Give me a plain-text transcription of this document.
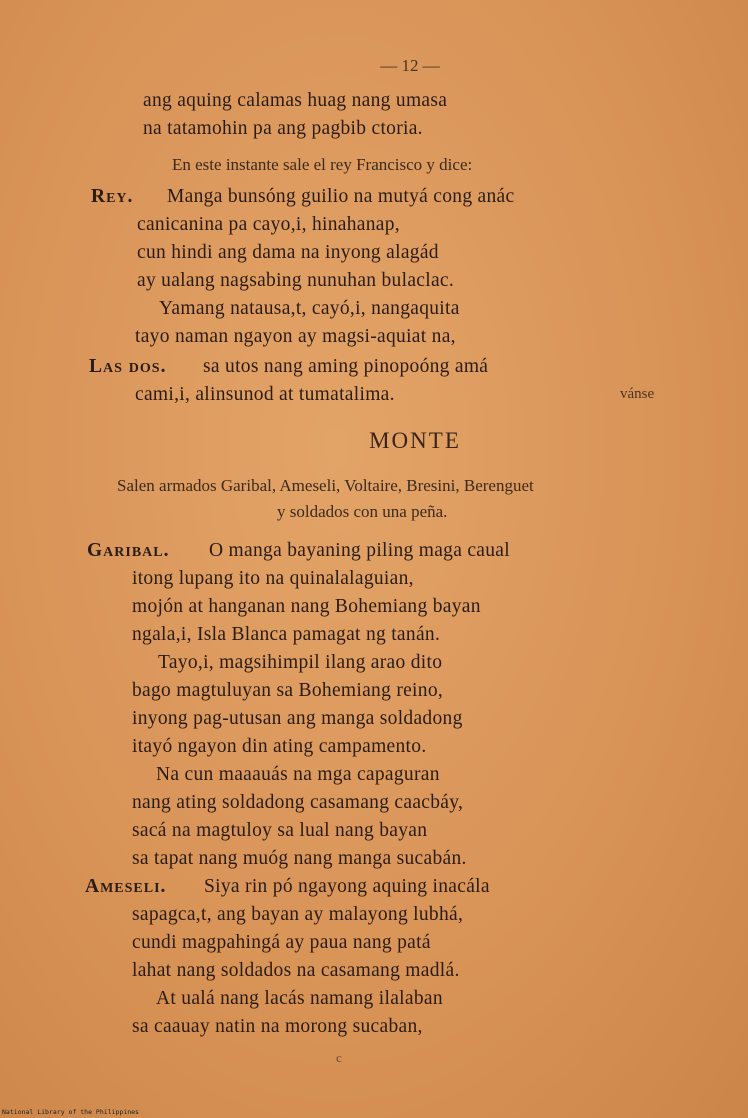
— 12 —
ang aquing calamas huag nang umasa
na tatamohin pa ang pagbib ctoria.
En este instante sale el rey Francisco y dice:
Rey. Manga bunsóng guilio na mutyá cong anác
canicanina pa cayo,i, hinahanap,
cun hindi ang dama na inyong alagád
ay ualang nagsabing nunuhan bulaclac.
Yamang natausa,t, cayó,i, nangaquita
tayo naman ngayon ay magsi-aquiat na,
Las dos. sa utos nang aming pinopoóng amá
cami,i, alinsunod at tumatalima.	vánse
MONTE
Salen armados Garibal, Ameseli, Voltaire, Bresini, Berenguet
y soldados con una peña.
Garibal. O manga bayaning piling maga caual
itong lupang ito na quinalalaguian,
mojón at hanganan nang Bohemiang bayan
ngala,i, Isla Blanca pamagat ng tanán.
Tayo,i, magsihimpil ilang arao dito
bago magtuluyan sa Bohemiang reino,
inyong pag-utusan ang manga soldadong
itayó ngayon din ating campamento.
Na cun maaauás na mga capaguran
nang ating soldadong casamang caacbáy,
sacá na magtuloy sa lual nang bayan
sa tapat nang muóg nang manga sucabán.
Ameseli. Siya rin pó ngayong aquing inacála
sapagca,t, ang bayan ay malayong lubhá,
cundi magpahingá ay paua nang patá
lahat nang soldados na casamang madlá.
At ualá nang lacás namang ilalaban
sa caauay natin na morong sucaban,
c
National Library of the Philippines
